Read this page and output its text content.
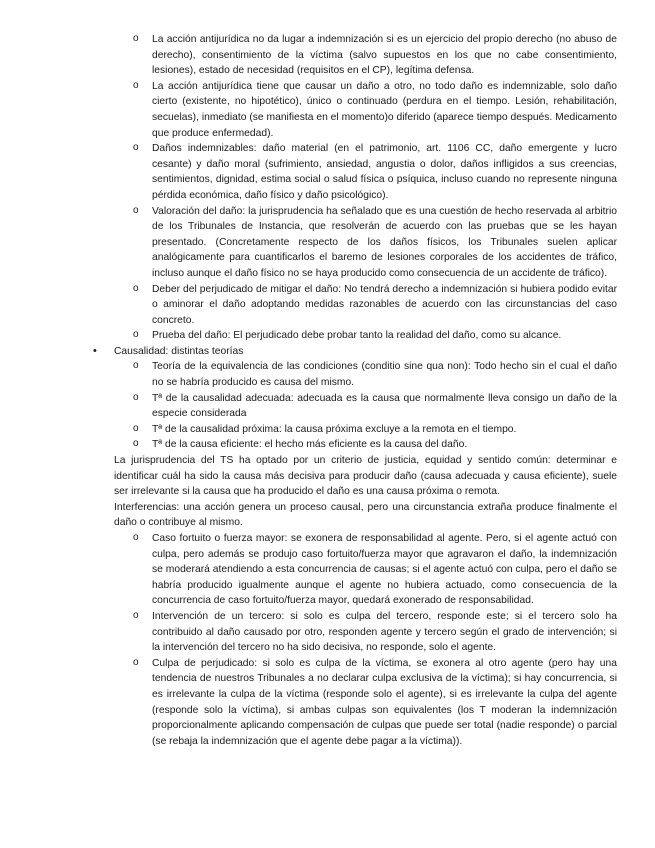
o La acción antijurídica no da lugar a indemnización si es un ejercicio del propio derecho (no abuso de derecho), consentimiento de la víctima (salvo supuestos en los que no cabe consentimiento, lesiones), estado de necesidad (requisitos en el CP), legítima defensa.

o La acción antijurídica tiene que causar un daño a otro, no todo daño es indemnizable, solo daño cierto (existente, no hipotético), único o continuado (perdura en el tiempo. Lesión, rehabilitación, secuelas), inmediato (se manifiesta en el momento)o diferido (aparece tiempo después. Medicamento que produce enfermedad).

o Daños indemnizables: daño material (en el patrimonio, art. 1106 CC, daño emergente y lucro cesante) y daño moral (sufrimiento, ansiedad, angustia o dolor, daños infligidos a sus creencias, sentimientos, dignidad, estima social o salud física o psíquica, incluso cuando no represente ninguna pérdida económica, daño físico y daño psicológico).

o Valoración del daño: la jurisprudencia ha señalado que es una cuestión de hecho reservada al arbitrio de los Tribunales de Instancia, que resolverán de acuerdo con las pruebas que se les hayan presentado. (Concretamente respecto de los daños físicos, los Tribunales suelen aplicar analógicamente para cuantificarlos el baremo de lesiones corporales de los accidentes de tráfico, incluso aunque el daño físico no se haya producido como consecuencia de un accidente de tráfico).

o Deber del perjudicado de mitigar el daño: No tendrá derecho a indemnización si hubiera podido evitar o aminorar el daño adoptando medidas razonables de acuerdo con las circunstancias del caso concreto.

o Prueba del daño: El perjudicado debe probar tanto la realidad del daño, como su alcance.

• Causalidad: distintas teorías

o Teoría de la equivalencia de las condiciones (conditio sine qua non): Todo hecho sin el cual el daño no se habría producido es causa del mismo.

o Tª de la causalidad adecuada: adecuada es la causa que normalmente lleva consigo un daño de la especie considerada

o Tª de la causalidad próxima: la causa próxima excluye a la remota en el tiempo.

o Tª de la causa eficiente: el hecho más eficiente es la causa del daño.

La jurisprudencia del TS ha optado por un criterio de justicia, equidad y sentido común: determinar e identificar cuál ha sido la causa más decisiva para producir daño (causa adecuada y causa eficiente), suele ser irrelevante si la causa que ha producido el daño es una causa próxima o remota.

Interferencias: una acción genera un proceso causal, pero una circunstancia extraña produce finalmente el daño o contribuye al mismo.

o Caso fortuito o fuerza mayor: se exonera de responsabilidad al agente. Pero, si el agente actuó con culpa, pero además se produjo caso fortuito/fuerza mayor que agravaron el daño, la indemnización se moderará atendiendo a esta concurrencia de causas; si el agente actuó con culpa, pero el daño se habría producido igualmente aunque el agente no hubiera actuado, como consecuencia de la concurrencia de caso fortuito/fuerza mayor, quedará exonerado de responsabilidad.

o Intervención de un tercero: si solo es culpa del tercero, responde este; si el tercero solo ha contribuido al daño causado por otro, responden agente y tercero según el grado de intervención; si la intervención del tercero no ha sido decisiva, no responde, solo el agente.

o Culpa de perjudicado: si solo es culpa de la víctima, se exonera al otro agente (pero hay una tendencia de nuestros Tribunales a no declarar culpa exclusiva de la víctima); si hay concurrencia, si es irrelevante la culpa de la víctima (responde solo el agente), si es irrelevante la culpa del agente (responde solo la víctima), si ambas culpas son equivalentes (los T moderan la indemnización proporcionalmente aplicando compensación de culpas que puede ser total (nadie responde) o parcial (se rebaja la indemnización que el agente debe pagar a la víctima)).
